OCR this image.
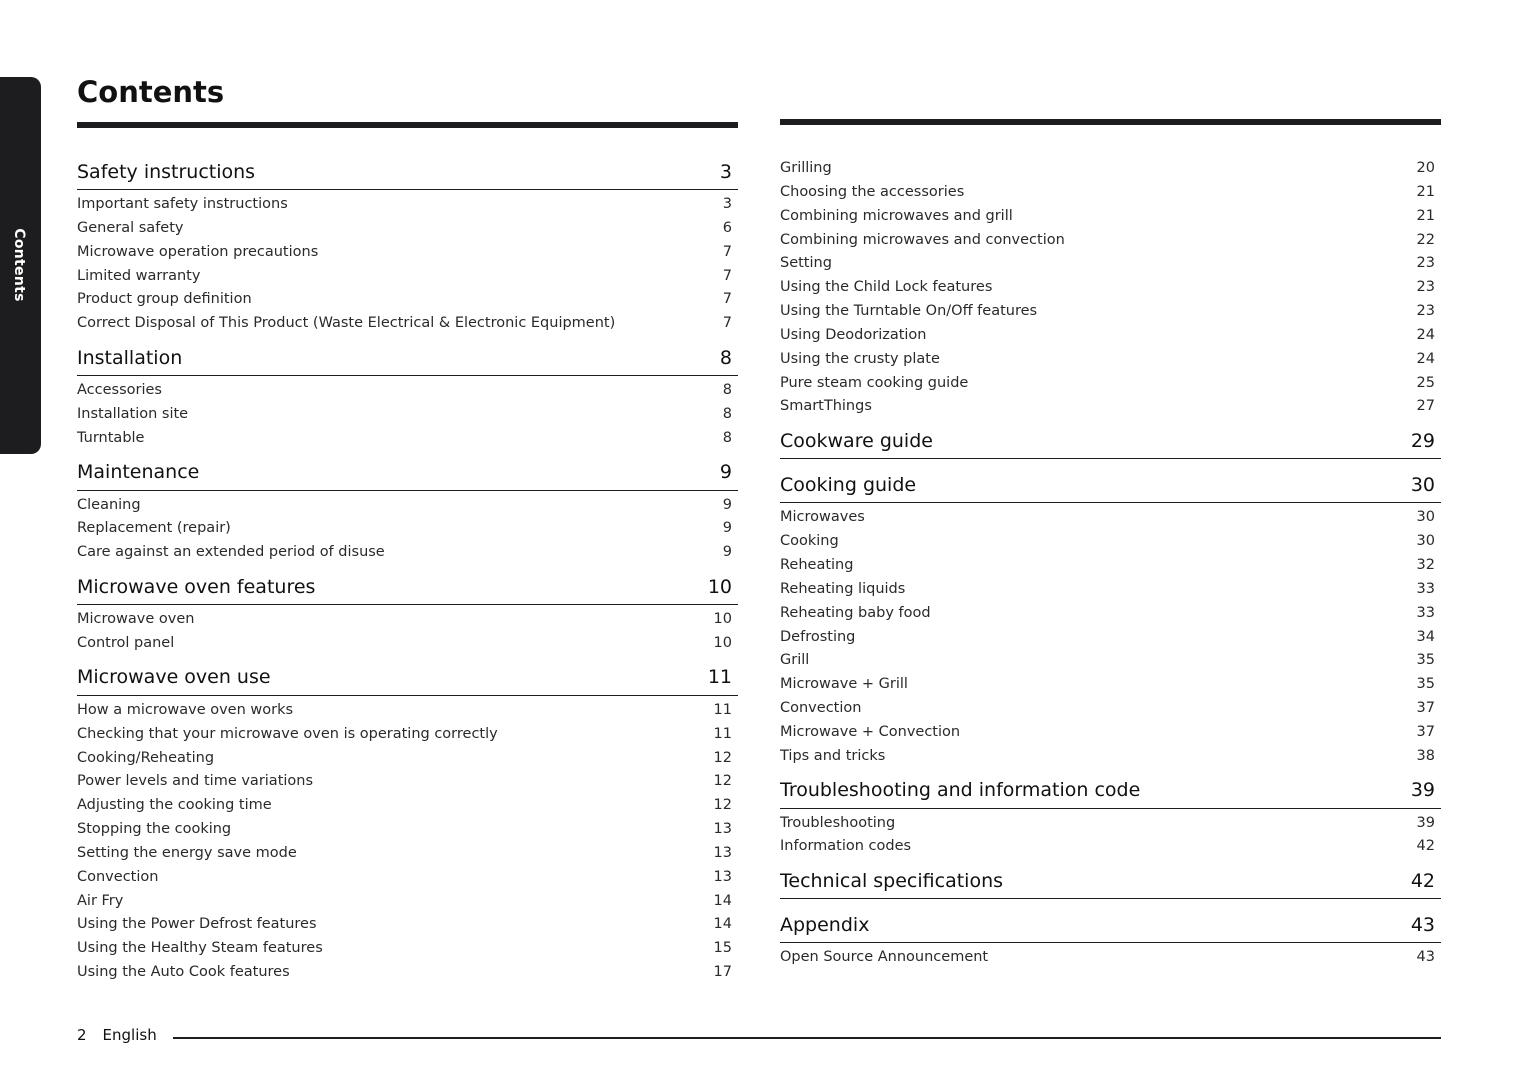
Contents
Contents
Safety instructions	3
Important safety instructions	3
General safety	6
Microwave operation precautions	7
Limited warranty	7
Product group definition	7
Correct Disposal of This Product (Waste Electrical & Electronic Equipment)	7
Installation	8
Accessories	8
Installation site	8
Turntable	8
Maintenance	9
Cleaning	9
Replacement (repair)	9
Care against an extended period of disuse	9
Microwave oven features	10
Microwave oven	10
Control panel	10
Microwave oven use	11
How a microwave oven works	11
Checking that your microwave oven is operating correctly	11
Cooking/Reheating	12
Power levels and time variations	12
Adjusting the cooking time	12
Stopping the cooking	13
Setting the energy save mode	13
Convection	13
Air Fry	14
Using the Power Defrost features	14
Using the Healthy Steam features	15
Using the Auto Cook features	17
Grilling	20
Choosing the accessories	21
Combining microwaves and grill	21
Combining microwaves and convection	22
Setting	23
Using the Child Lock features	23
Using the Turntable On/Off features	23
Using Deodorization	24
Using the crusty plate	24
Pure steam cooking guide	25
SmartThings	27
Cookware guide	29
Cooking guide	30
Microwaves	30
Cooking	30
Reheating	32
Reheating liquids	33
Reheating baby food	33
Defrosting	34
Grill	35
Microwave + Grill	35
Convection	37
Microwave + Convection	37
Tips and tricks	38
Troubleshooting and information code	39
Troubleshooting	39
Information codes	42
Technical specifications	42
Appendix	43
Open Source Announcement	43
2 English
